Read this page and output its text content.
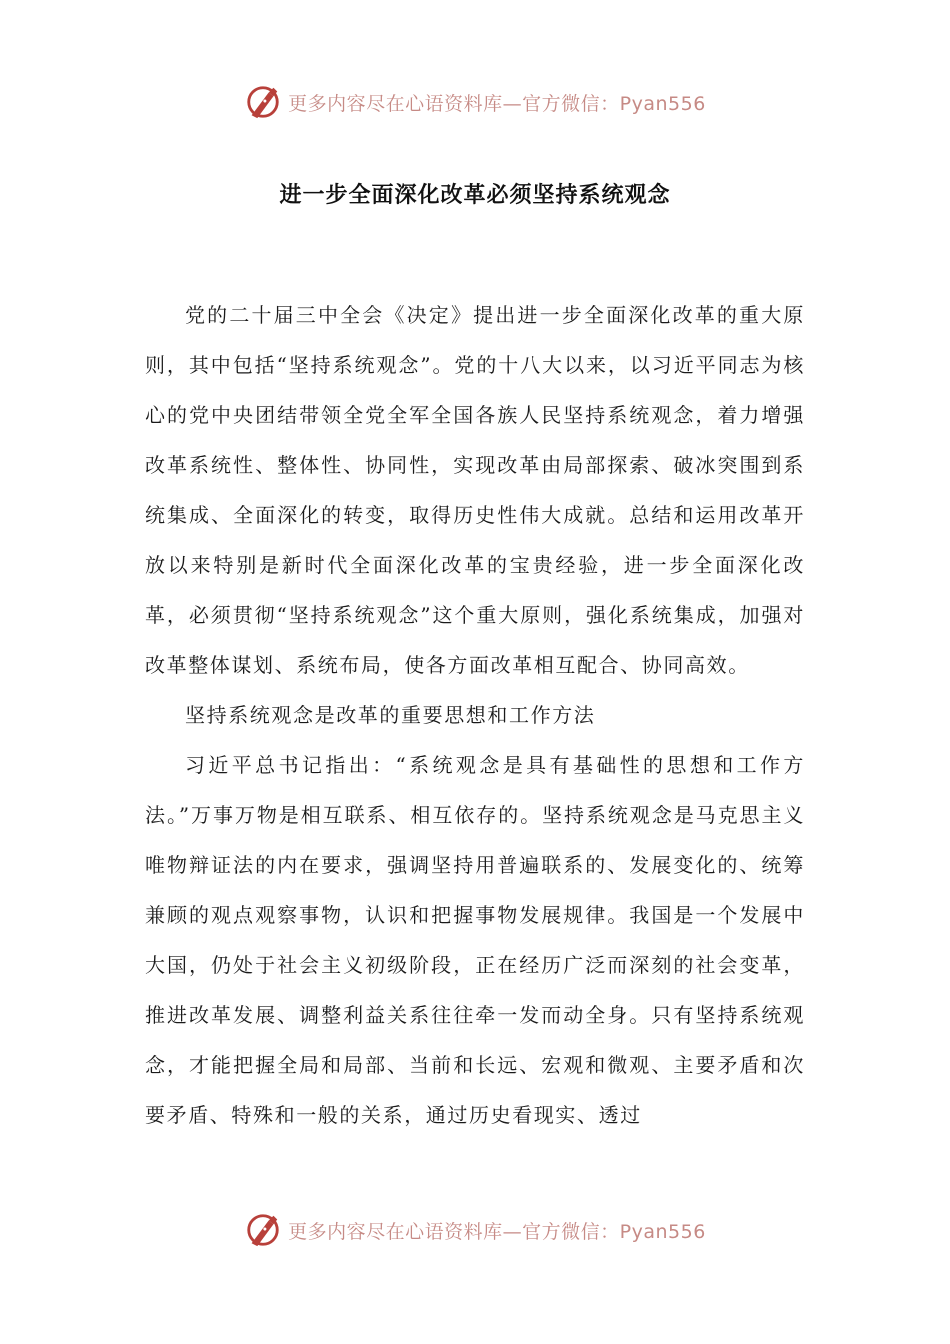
更多内容尽在心语资料库—官方微信：Pyan556
进一步全面深化改革必须坚持系统观念

党的二十届三中全会《决定》提出进一步全面深化改革的重大原则，其中包括“坚持系统观念”。党的十八大以来，以习近平同志为核心的党中央团结带领全党全军全国各族人民坚持系统观念，着力增强改革系统性、整体性、协同性，实现改革由局部探索、破冰突围到系统集成、全面深化的转变，取得历史性伟大成就。总结和运用改革开放以来特别是新时代全面深化改革的宝贵经验，进一步全面深化改革，必须贯彻“坚持系统观念”这个重大原则，强化系统集成，加强对改革整体谋划、系统布局，使各方面改革相互配合、协同高效。

坚持系统观念是改革的重要思想和工作方法

习近平总书记指出：“系统观念是具有基础性的思想和工作方法。”万事万物是相互联系、相互依存的。坚持系统观念是马克思主义唯物辩证法的内在要求，强调坚持用普遍联系的、发展变化的、统筹兼顾的观点观察事物，认识和把握事物发展规律。我国是一个发展中大国，仍处于社会主义初级阶段，正在经历广泛而深刻的社会变革，推进改革发展、调整利益关系往往牵一发而动全身。只有坚持系统观念，才能把握全局和局部、当前和长远、宏观和微观、主要矛盾和次要矛盾、特殊和一般的关系，通过历史看现实、透过

更多内容尽在心语资料库—官方微信：Pyan556
